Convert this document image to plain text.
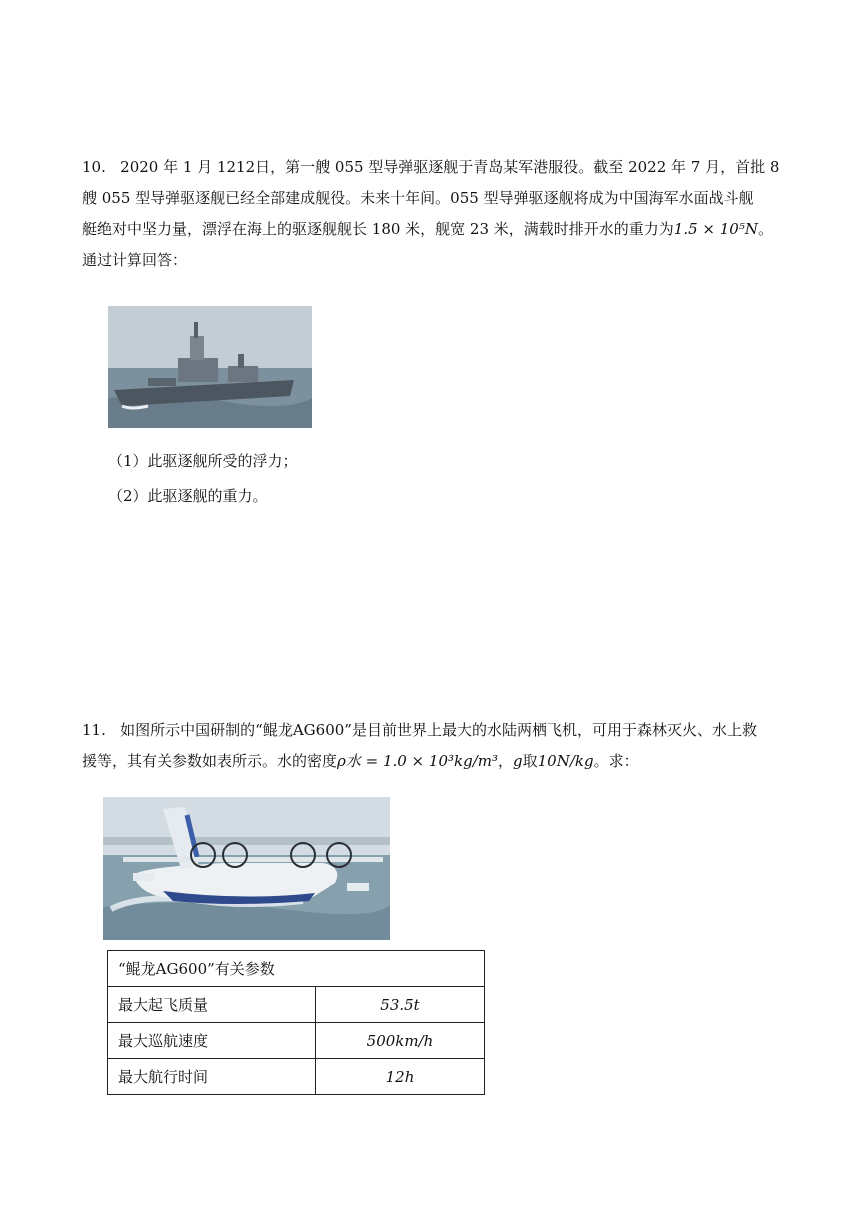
10. 2020 年 1 月 1212日，第一艘 055 型导弹驱逐舰于青岛某军港服役。截至 2022 年 7 月，首批 8
艘 055 型导弹驱逐舰已经全部建成舰役。未来十年间。055 型导弹驱逐舰将成为中国海军水面战斗舰
艇绝对中坚力量，漂浮在海上的驱逐舰舰长 180 米，舰宽 23 米，满载时排开水的重力为1.5 × 10⁵N。
通过计算回答：

（1）此驱逐舰所受的浮力；

（2）此驱逐舰的重力。

11. 如图所示中国研制的“鲲龙AG600”是目前世界上最大的水陆两栖飞机，可用于森林灭火、水上救
援等，其有关参数如表所示。水的密度ρ水 = 1.0 × 10³kg/m³，g取10N/kg。求：
“鲲龙AG600”有关参数	
最大起飞质量	53.5t
最大巡航速度	500km/h
最大航行时间	12h
